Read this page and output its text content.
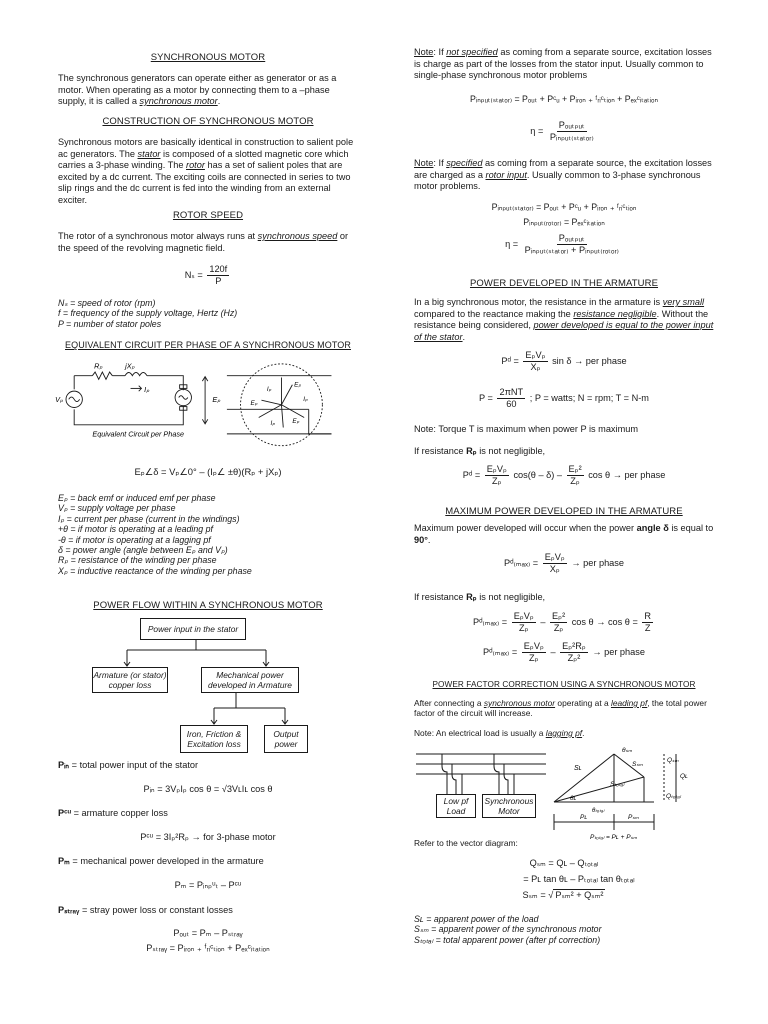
SYNCHRONOUS MOTOR

The synchronous generators can operate either as generator or as a motor. When operating as a motor by connecting them to a –phase supply, it is called a synchronous motor.

CONSTRUCTION OF SYNCHRONOUS MOTOR

Synchronous motors are basically identical in construction to salient pole ac generators. The stator is composed of a slotted magnetic core which carries a 3-phase winding. The rotor has a set of salient poles that are excited by a dc current. The exciting coils are connected in series to two slip rings and the dc current is fed into the winding from an external exciter.

ROTOR SPEED

The rotor of a synchronous motor always runs at synchronous speed or the speed of the revolving magnetic field.

$N_s = \frac{120f}{P}$
Nₛ = speed of rotor (rpm)
f = frequency of the supply voltage, Hertz (Hz)
P = number of stator poles
EQUIVALENT CIRCUIT PER PHASE OF A SYNCHRONOUS MOTOR
Rₚ	jXₚ
Iₚ
Vₚ	Eₚ
Equivalent Circuit per Phase
Iₚ
Eₚ
Eₚ
Iₚ
Iₚ Eₚ
Eₚ∠δ = Vₚ∠0° – (Iₚ∠ ±θ)(Rₚ + jXₚ)
Eₚ = back emf or induced emf per phase
Vₚ = supply voltage per phase
Iₚ = current per phase (current in the windings)
+θ = if motor is operating at a leading pf
-θ = if motor is operating at a lagging pf
δ = power angle (angle between Eₚ and Vₚ)
Rₚ = resistance of the winding per phase
Xₚ = inductive reactance of the winding per phase
POWER FLOW WITHIN A SYNCHRONOUS MOTOR
Power input in the stator
Armature (or stator)
copper loss
Mechanical power
developed in Armature
Iron, Friction &
Excitation loss
Output
power

Pᵢₙ = total power input of the stator

Pᵢₙ = 3VₚIₚ cos θ = √3VʟIʟ cos θ

Pᶜᵘ = armature copper loss

Pᶜᵘ = 3Iₚ²Rₚ → for 3-phase motor

Pₘ = mechanical power developed in the armature

Pₘ = Pᵢₙₚᵘₜ – Pᶜᵘ

Pₛₜᵣₐᵧ = stray power loss or constant losses

Pₒᵤₜ = Pₘ – Pₛₜᵣₐᵧ
Pₛₜᵣₐᵧ = Pᵢᵣₒₙ ₊ ᶠᵣᵢᶜₜᵢₒₙ + Pₑₓᶜᵢₜₐₜᵢₒₙ

Note: If not specified as coming from a separate source, excitation losses is charge as part of the losses from the stator input. Usually common to single-phase synchronous motor problems

Pᵢₙₚᵤₜ₍ₛₜₐₜₒᵣ₎ = Pₒᵤₜ + Pᶜᵤ + Pᵢᵣₒₙ ₊ ᶠᵣᵢᶜₜᵢₒₙ + Pₑₓᶜᵢₜₐₜᵢₒₙ
$\eta = \frac{\text{Pₒᵤₜₚᵤₜ}}{\text{Pᵢₙₚᵤₜ₍ₛₜₐₜₒᵣ₎}}$

Note: If specified as coming from a separate source, the excitation losses are charged as a rotor input. Usually common to 3-phase synchronous motor problems.

Pᵢₙₚᵤₜ₍ₛₜₐₜₒᵣ₎ = Pₒᵤₜ + Pᶜᵤ + Pᵢᵣₒₙ ₊ ᶠᵣᵢᶜₜᵢₒₙ
Pᵢₙₚᵤₜ₍ᵣₒₜₒᵣ₎ = Pₑₓᶜᵢₜₐₜᵢₒₙ
$\eta = \frac{\text{Pₒᵤₜₚᵤₜ}}{\text{Pᵢₙₚᵤₜ₍ₛₜₐₜₒᵣ₎ + Pᵢₙₚᵤₜ₍ᵣₒₜₒᵣ₎}}$
POWER DEVELOPED IN THE ARMATURE

In a big synchronous motor, the resistance in the armature is very small compared to the reactance making the resistance negligible. Without the resistance being considered, power developed is equal to the power input of the stator.

Pᵈ = $\frac{\text{EₚVₚ}}{\text{Xₚ}}$ sin δ → per phase
$P = \frac{\text{2πNT}}{60}$ ; P = watts; N = rpm; T = N-m

Note: Torque T is maximum when power P is maximum

If resistance Rₚ is not negligible,

Pᵈ = $\frac{\text{EₚVₚ}}{\text{Zₚ}} \cos(\theta - \delta) - \frac{\text{Eₚ²}}{\text{Zₚ}}$ cos θ → per phase
MAXIMUM POWER DEVELOPED IN THE ARMATURE

Maximum power developed will occur when the power angle δ is equal to 90°.

Pᵈ₍ₘₐₓ₎ = $\frac{\text{EₚVₚ}}{\text{Xₚ}}$ → per phase

If resistance Rₚ is not negligible,

Pᵈ₍ₘₐₓ₎ = $\frac{\text{EₚVₚ}}{\text{Zₚ}} - \frac{\text{Eₚ²}}{\text{Zₚ}}$ $\cos \theta \to \cos \theta = \frac{R}{Z}$
Pᵈ₍ₘₐₓ₎ = $\frac{\text{EₚVₚ}}{\text{Zₚ}} - \frac{\text{Eₚ²Rₚ}}{\text{Zₚ²}}$ → per phase
POWER FACTOR CORRECTION USING A SYNCHRONOUS MOTOR

After connecting a synchronous motor operating at a leading pf, the total power factor of the circuit will increase.

Note: An electrical load is usually a lagging pf.

θₛₘ
Sₛₘ
Qₛₘ
Qʟ
Sʟ
Sₜₒₜₐₗ
θʟ
θₜₒₜₐₗ
Qₜₒₜₐₗ
Pʟ	Pₛₘ
Pₜₒₜₐₗ = Pʟ + Pₛₘ
Low pf
Load
Synchronous
Motor

Refer to the vector diagram:

Qₛₘ = Qʟ – Qₜₒₜₐₗ
= Pʟ tan θʟ – Pₜₒₜₐₗ tan θₜₒₜₐₗ
Sₛₘ = √ Pₛₘ² + Qₛₘ²
Sʟ = apparent power of the load
Sₛₘ = apparent power of the synchronous motor
Sₜₒₜₐₗ = total apparent power (after pf correction)
